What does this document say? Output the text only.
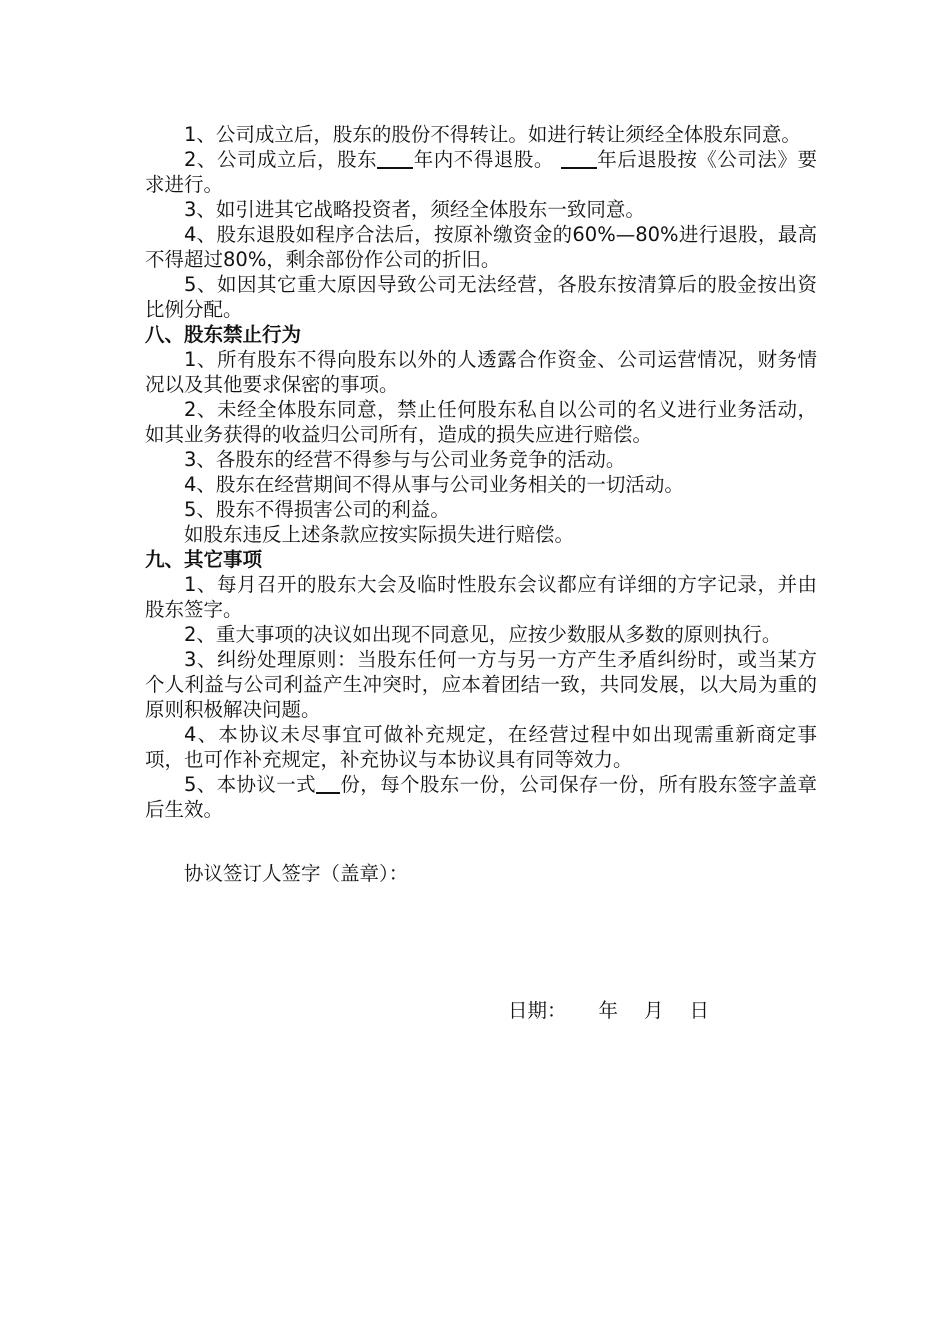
1、公司成立后，股东的股份不得转让。如进行转让须经全体股东同意。

2、公司成立后，股东 年内不得退股。 年后退股按《公司法》要求进行。

3、如引进其它战略投资者，须经全体股东一致同意。

4、股东退股如程序合法后，按原补缴资金的60%—80%进行退股，最高不得超过80%，剩余部份作公司的折旧。

5、如因其它重大原因导致公司无法经营，各股东按清算后的股金按出资比例分配。

八、股东禁止行为

1、所有股东不得向股东以外的人透露合作资金、公司运营情况，财务情况以及其他要求保密的事项。

2、未经全体股东同意，禁止任何股东私自以公司的名义进行业务活动，如其业务获得的收益归公司所有，造成的损失应进行赔偿。

3、各股东的经营不得参与与公司业务竞争的活动。

4、股东在经营期间不得从事与公司业务相关的一切活动。

5、股东不得损害公司的利益。

如股东违反上述条款应按实际损失进行赔偿。

九、其它事项

1、每月召开的股东大会及临时性股东会议都应有详细的方字记录，并由股东签字。

2、重大事项的决议如出现不同意见，应按少数服从多数的原则执行。

3、纠纷处理原则：当股东任何一方与另一方产生矛盾纠纷时，或当某方个人利益与公司利益产生冲突时，应本着团结一致，共同发展，以大局为重的原则积极解决问题。

4、本协议未尽事宜可做补充规定，在经营过程中如出现需重新商定事项，也可作补充规定，补充协议与本协议具有同等效力。

5、本协议一式 份，每个股东一份，公司保存一份，所有股东签字盖章后生效。

协议签订人签字（盖章）：

日期： 年 月 日
